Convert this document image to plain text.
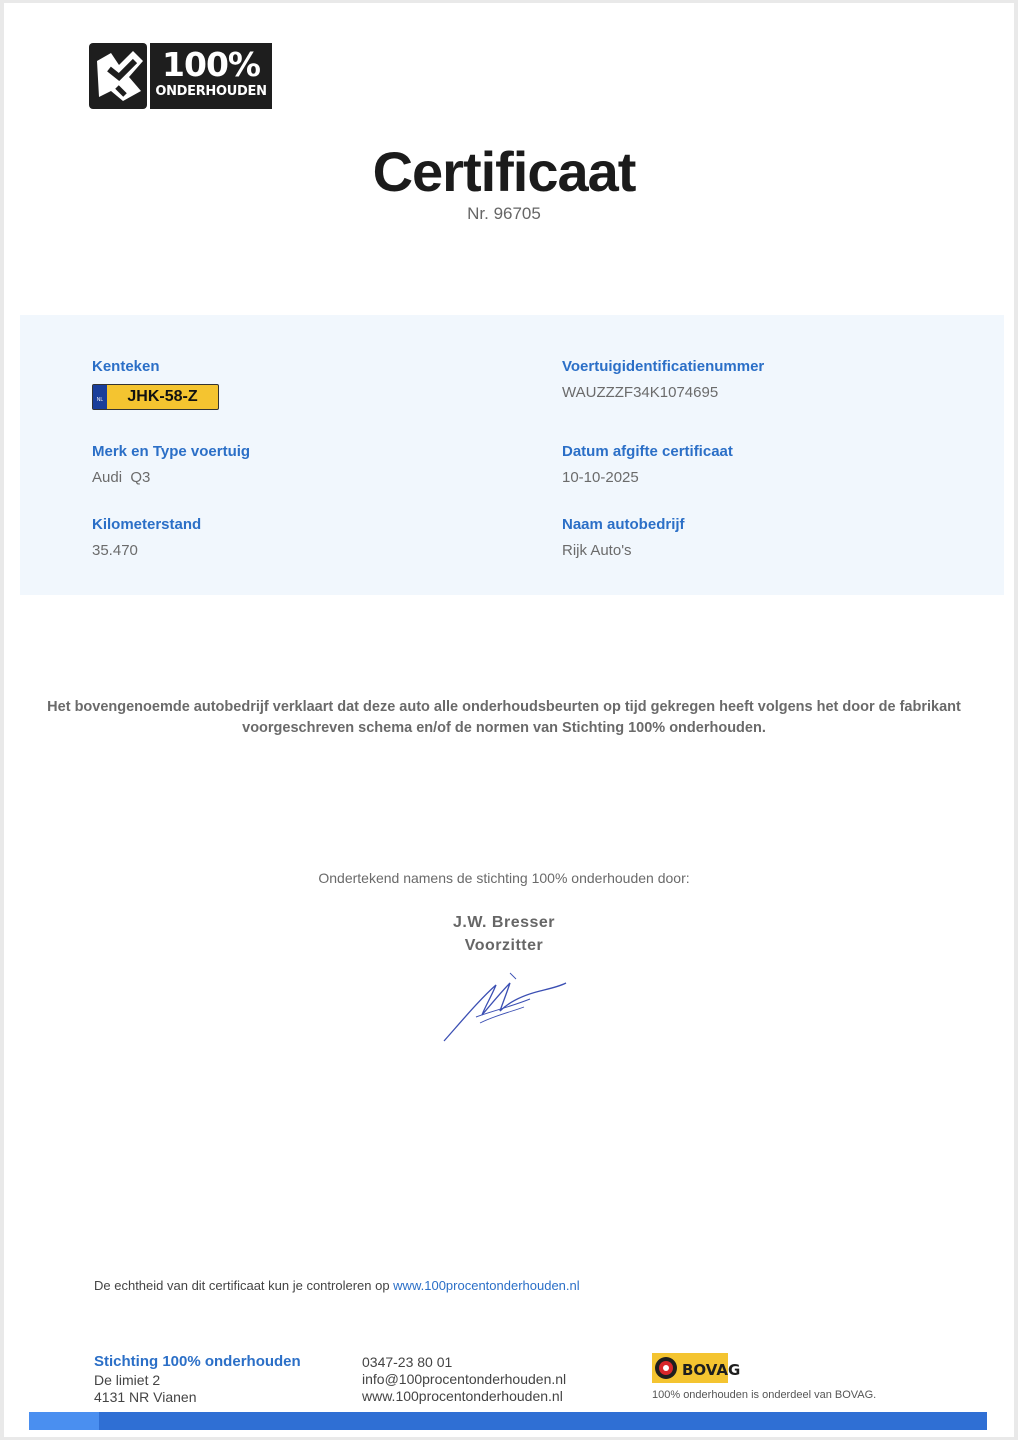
100%
ONDERHOUDEN
Certificaat
Nr. 96705
Kenteken
NL	JHK-58-Z
Voertuigidentificatienummer
WAUZZZF34K1074695
Merk en Type voertuig
Audi  Q3
Datum afgifte certificaat
10-10-2025
Kilometerstand
35.470
Naam autobedrijf
Rijk Auto's
Het bovengenoemde autobedrijf verklaart dat deze auto alle onderhoudsbeurten op tijd gekregen heeft volgens het door de fabrikant
voorgeschreven schema en/of de normen van Stichting 100% onderhouden.
Ondertekend namens de stichting 100% onderhouden door:
J.W. Bresser
Voorzitter
De echtheid van dit certificaat kun je controleren op www.100procentonderhouden.nl
Stichting 100% onderhouden
De limiet 2
4131 NR Vianen
0347-23 80 01
info@100procentonderhouden.nl
www.100procentonderhouden.nl
BOVAG
100% onderhouden is onderdeel van BOVAG.
